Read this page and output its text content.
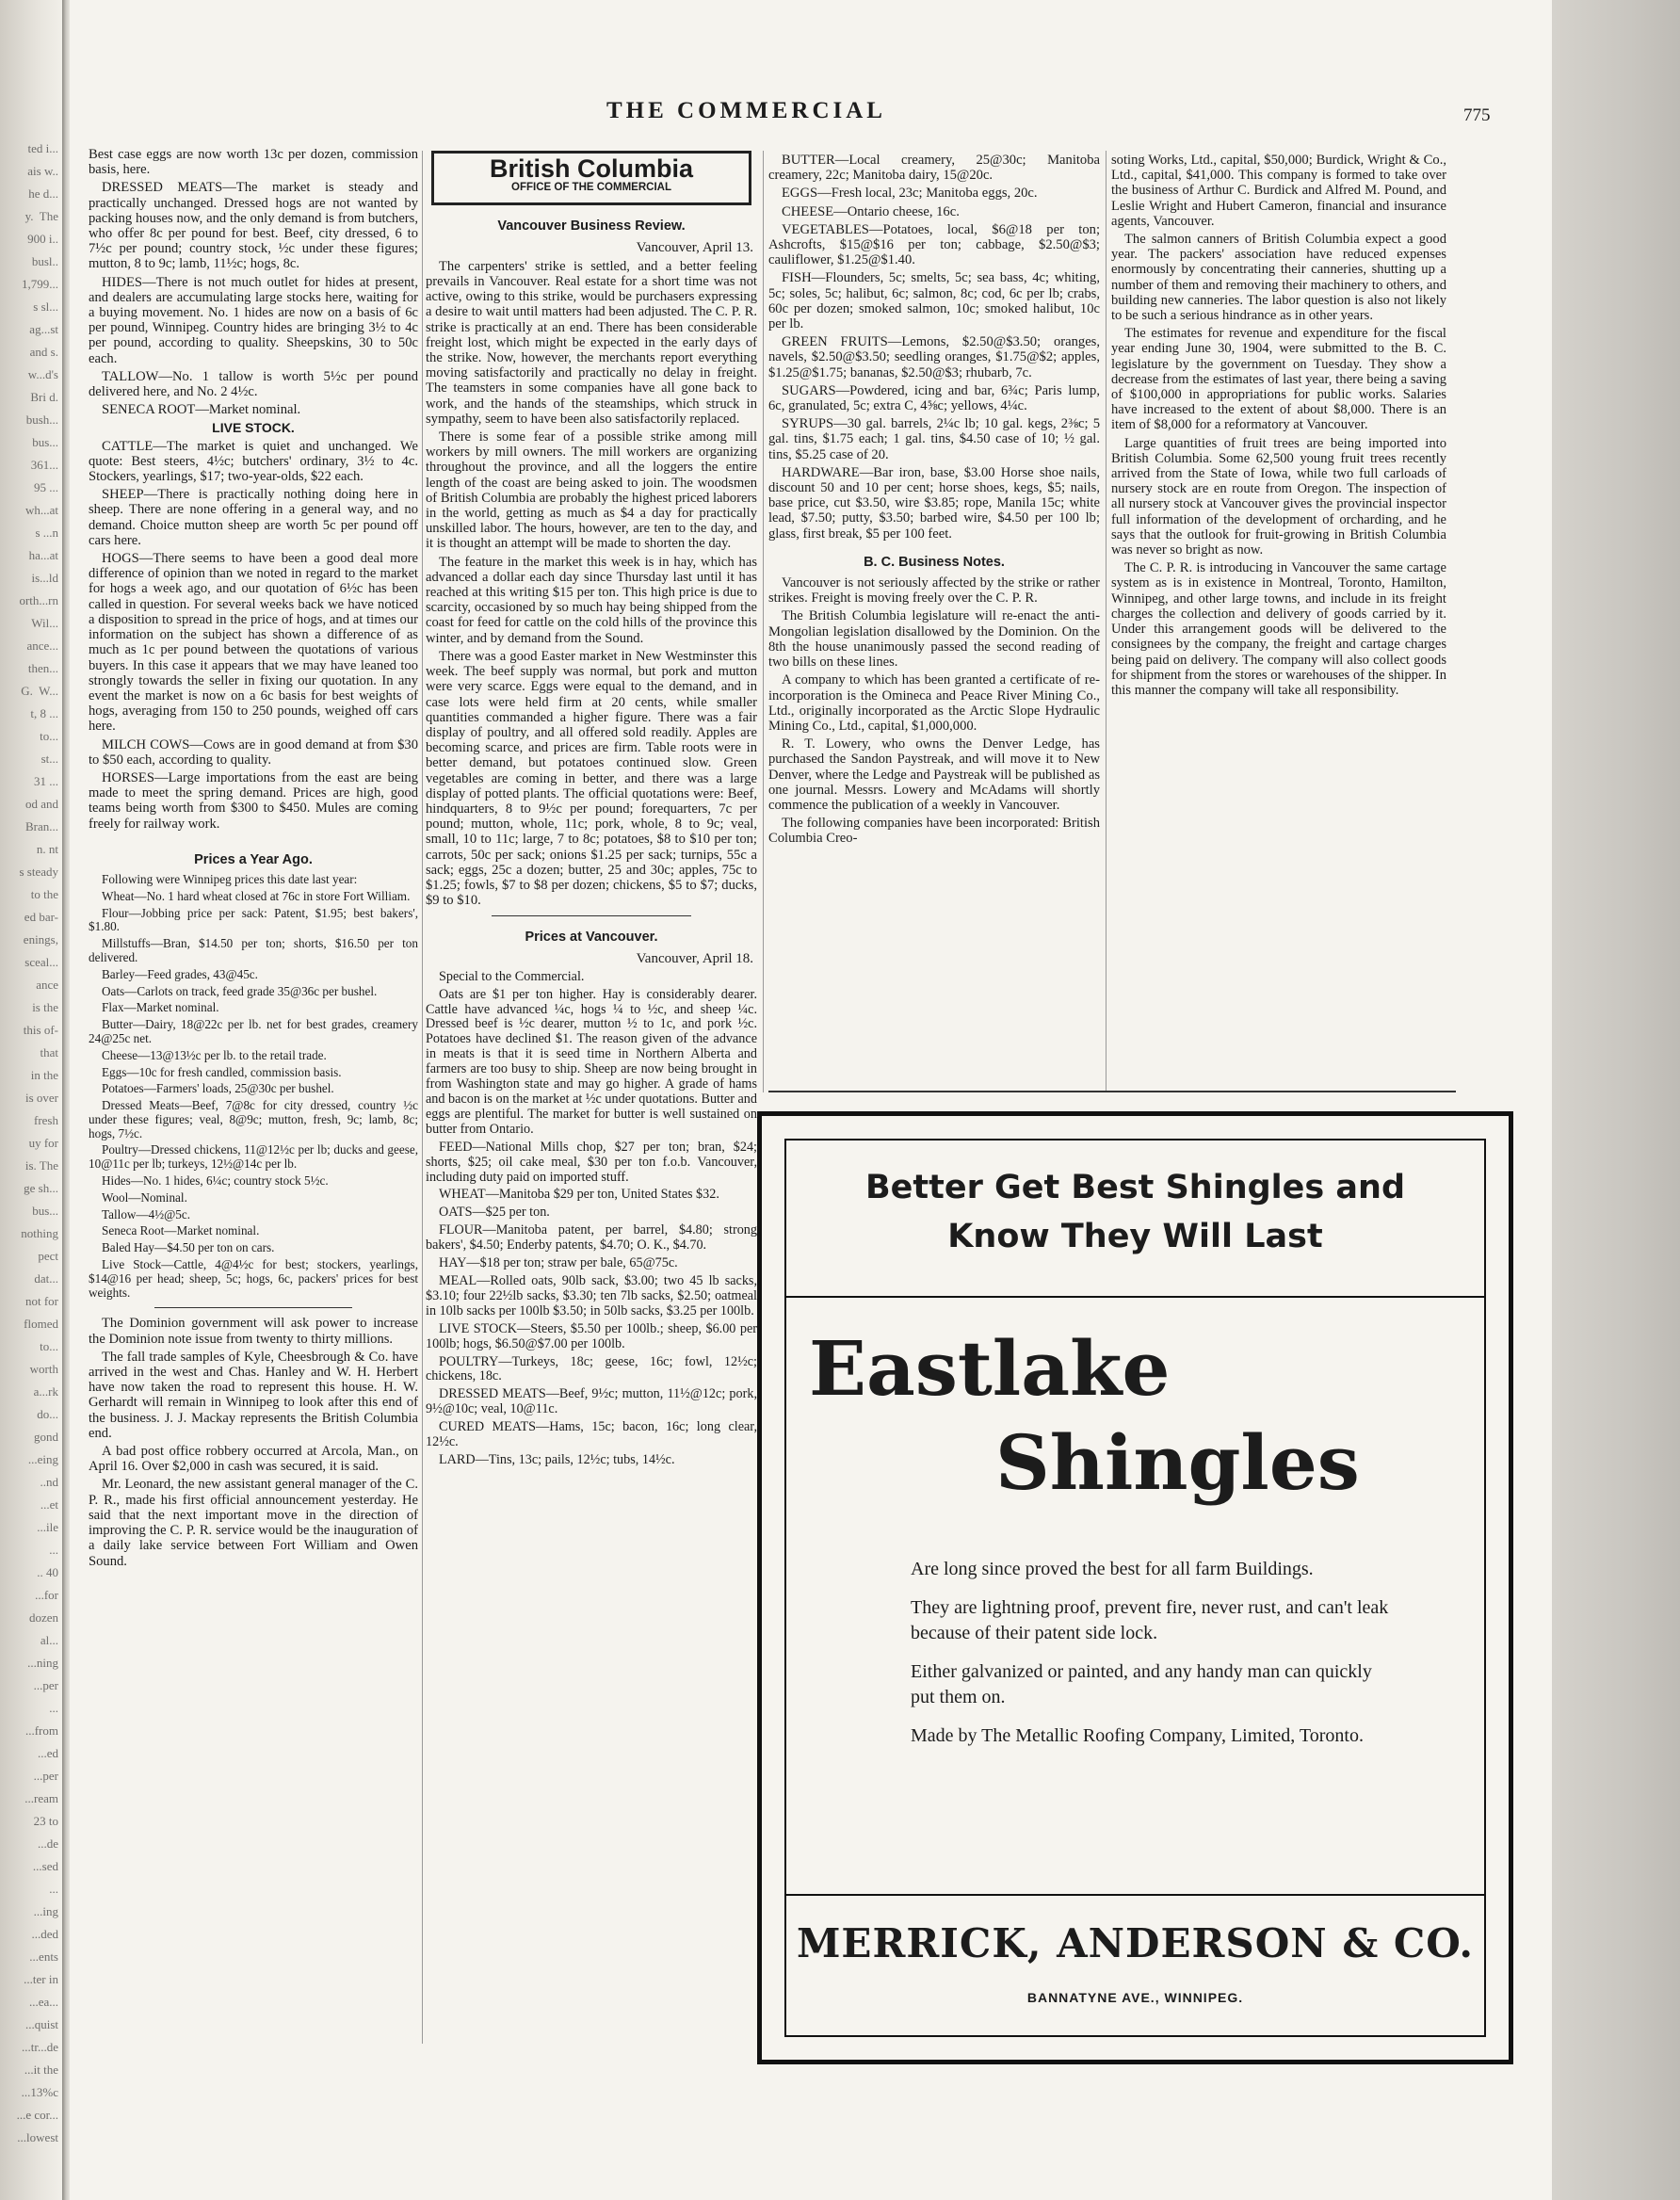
ted i...
ais w..
he d...
y.  The
900 i..
busl..
1,799...
s sl...
ag...st
and s.
w...d's
Bri d.
bush...
bus...
361...
95 ...
wh...at
s ...n
ha...at
is...ld
orth...rn
Wil...
ance...
then...
G.  W...
t, 8 ...
to...
st...
31 ...
od and
Bran...
n. nt
s steady
to the
ed bar-
enings,
sceal...
ance
is the
this of-
that
in the
is over
fresh
uy for
is. The
ge sh...
bus...
nothing
pect
dat...
not for
flomed
to...
worth
a...rk
do...
gond
...eing
..nd
...et
...ile
...
.. 40
...for
dozen
al...
...ning
...per
...
...from
...ed
...per
...ream
23 to
...de
...sed
...
...ing
...ded
...ents
...ter in
...ea...
...quist
...tr...de
...it the
...13%c
...e cor...
...lowest
THE COMMERCIAL	775

Best case eggs are now worth 13c per dozen, commission basis, here.

DRESSED MEATS—The market is steady and practically unchanged. Dressed hogs are not wanted by packing houses now, and the only demand is from butchers, who offer 8c per pound for best. Beef, city dressed, 6 to 7½c per pound; country stock, ½c under these figures; mutton, 8 to 9c; lamb, 11½c; hogs, 8c.

HIDES—There is not much outlet for hides at present, and dealers are accumulating large stocks here, waiting for a buying movement. No. 1 hides are now on a basis of 6c per pound, Winnipeg. Country hides are bringing 3½ to 4c per pound, according to quality. Sheepskins, 30 to 50c each.

TALLOW—No. 1 tallow is worth 5½c per pound delivered here, and No. 2 4½c.

SENECA ROOT—Market nominal.

LIVE STOCK.

CATTLE—The market is quiet and unchanged. We quote: Best steers, 4½c; butchers' ordinary, 3½ to 4c. Stockers, yearlings, $17; two-year-olds, $22 each.

SHEEP—There is practically nothing doing here in sheep. There are none offering in a general way, and no demand. Choice mutton sheep are worth 5c per pound off cars here.

HOGS—There seems to have been a good deal more difference of opinion than we noted in regard to the market for hogs a week ago, and our quotation of 6½c has been called in question. For several weeks back we have noticed a disposition to spread in the price of hogs, and at times our information on the subject has shown a difference of as much as 1c per pound between the quotations of various buyers. In this case it appears that we may have leaned too strongly towards the seller in fixing our quotation. In any event the market is now on a 6c basis for best weights of hogs, averaging from 150 to 250 pounds, weighed off cars here.

MILCH COWS—Cows are in good demand at from $30 to $50 each, according to quality.

HORSES—Large importations from the east are being made to meet the spring demand. Prices are high, good teams being worth from $300 to $450. Mules are coming freely for railway work.

Prices a Year Ago.

Following were Winnipeg prices this date last year:

Wheat—No. 1 hard wheat closed at 76c in store Fort William.

Flour—Jobbing price per sack: Patent, $1.95; best bakers', $1.80.

Millstuffs—Bran, $14.50 per ton; shorts, $16.50 per ton delivered.

Barley—Feed grades, 43@45c.

Oats—Carlots on track, feed grade 35@36c per bushel.

Flax—Market nominal.

Butter—Dairy, 18@22c per lb. net for best grades, creamery 24@25c net.

Cheese—13@13½c per lb. to the retail trade.

Eggs—10c for fresh candled, commission basis.

Potatoes—Farmers' loads, 25@30c per bushel.

Dressed Meats—Beef, 7@8c for city dressed, country ½c under these figures; veal, 8@9c; mutton, fresh, 9c; lamb, 8c; hogs, 7½c.

Poultry—Dressed chickens, 11@12½c per lb; ducks and geese, 10@11c per lb; turkeys, 12½@14c per lb.

Hides—No. 1 hides, 6¼c; country stock 5½c.

Wool—Nominal.

Tallow—4½@5c.

Seneca Root—Market nominal.

Baled Hay—$4.50 per ton on cars.

Live Stock—Cattle, 4@4½c for best; stockers, yearlings, $14@16 per head; sheep, 5c; hogs, 6c, packers' prices for best weights.

The Dominion government will ask power to increase the Dominion note issue from twenty to thirty millions.

The fall trade samples of Kyle, Cheesbrough & Co. have arrived in the west and Chas. Hanley and W. H. Herbert have now taken the road to represent this house. H. W. Gerhardt will remain in Winnipeg to look after this end of the business. J. J. Mackay represents the British Columbia end.

A bad post office robbery occurred at Arcola, Man., on April 16. Over $2,000 in cash was secured, it is said.

Mr. Leonard, the new assistant general manager of the C. P. R., made his first official announcement yesterday. He said that the next important move in the direction of improving the C. P. R. service would be the inauguration of a daily lake service between Fort William and Owen Sound.

British Columbia
OFFICE OF THE COMMERCIAL
Vancouver Business Review.
Vancouver, April 13.

The carpenters' strike is settled, and a better feeling prevails in Vancouver. Real estate for a short time was not active, owing to this strike, would be purchasers expressing a desire to wait until matters had been adjusted. The C. P. R. strike is practically at an end. There has been considerable freight lost, which might be expected in the early days of the strike. Now, however, the merchants report everything moving satisfactorily and practically no delay in freight. The teamsters in some companies have all gone back to work, and the hands of the steamships, which struck in sympathy, seem to have been also satisfactorily replaced.

There is some fear of a possible strike among mill workers by mill owners. The mill workers are organizing throughout the province, and all the loggers the entire length of the coast are being asked to join. The woodsmen of British Columbia are probably the highest priced laborers in the world, getting as much as $4 a day for practically unskilled labor. The hours, however, are ten to the day, and it is thought an attempt will be made to shorten the day.

The feature in the market this week is in hay, which has advanced a dollar each day since Thursday last until it has reached at this writing $15 per ton. This high price is due to scarcity, occasioned by so much hay being shipped from the coast for feed for cattle on the cold hills of the province this winter, and by demand from the Sound.

There was a good Easter market in New Westminster this week. The beef supply was normal, but pork and mutton were very scarce. Eggs were equal to the demand, and in case lots were held firm at 20 cents, while smaller quantities commanded a higher figure. There was a fair display of poultry, and all offered sold readily. Apples are becoming scarce, and prices are firm. Table roots were in better demand, but potatoes continued slow. Green vegetables are coming in better, and there was a large display of potted plants. The official quotations were: Beef, hindquarters, 8 to 9½c per pound; forequarters, 7c per pound; mutton, whole, 11c; pork, whole, 8 to 9c; veal, small, 10 to 11c; large, 7 to 8c; potatoes, $8 to $10 per ton; carrots, 50c per sack; onions $1.25 per sack; turnips, 55c a sack; eggs, 25c a dozen; butter, 25 and 30c; apples, 75c to $1.25; fowls, $7 to $8 per dozen; chickens, $5 to $7; ducks, $9 to $10.

Prices at Vancouver.
Vancouver, April 18.

Special to the Commercial.

Oats are $1 per ton higher. Hay is considerably dearer. Cattle have advanced ¼c, hogs ¼ to ½c, and sheep ¼c. Dressed beef is ½c dearer, mutton ½ to 1c, and pork ½c. Potatoes have declined $1. The reason given of the advance in meats is that it is seed time in Northern Alberta and farmers are too busy to ship. Sheep are now being brought in from Washington state and may go higher. A grade of hams and bacon is on the market at ½c under quotations. Butter and eggs are plentiful. The market for butter is well sustained on butter from Ontario.

FEED—National Mills chop, $27 per ton; bran, $24; shorts, $25; oil cake meal, $30 per ton f.o.b. Vancouver, including duty paid on imported stuff.

WHEAT—Manitoba $29 per ton, United States $32.

OATS—$25 per ton.

FLOUR—Manitoba patent, per barrel, $4.80; strong bakers', $4.50; Enderby patents, $4.70; O. K., $4.70.

HAY—$18 per ton; straw per bale, 65@75c.

MEAL—Rolled oats, 90lb sack, $3.00; two 45 lb sacks, $3.10; four 22½lb sacks, $3.30; ten 7lb sacks, $2.50; oatmeal in 10lb sacks per 100lb $3.50; in 50lb sacks, $3.25 per 100lb.

LIVE STOCK—Steers, $5.50 per 100lb.; sheep, $6.00 per 100lb; hogs, $6.50@$7.00 per 100lb.

POULTRY—Turkeys, 18c; geese, 16c; fowl, 12½c; chickens, 18c.

DRESSED MEATS—Beef, 9½c; mutton, 11½@12c; pork, 9½@10c; veal, 10@11c.

CURED MEATS—Hams, 15c; bacon, 16c; long clear, 12½c.

LARD—Tins, 13c; pails, 12½c; tubs, 14½c.

BUTTER—Local creamery, 25@30c; Manitoba creamery, 22c; Manitoba dairy, 15@20c.

EGGS—Fresh local, 23c; Manitoba eggs, 20c.

CHEESE—Ontario cheese, 16c.

VEGETABLES—Potatoes, local, $6@18 per ton; Ashcrofts, $15@$16 per ton; cabbage, $2.50@$3; cauliflower, $1.25@$1.40.

FISH—Flounders, 5c; smelts, 5c; sea bass, 4c; whiting, 5c; soles, 5c; halibut, 6c; salmon, 8c; cod, 6c per lb; crabs, 60c per dozen; smoked salmon, 10c; smoked halibut, 10c per lb.

GREEN FRUITS—Lemons, $2.50@$3.50; oranges, navels, $2.50@$3.50; seedling oranges, $1.75@$2; apples, $1.25@$1.75; bananas, $2.50@$3; rhubarb, 7c.

SUGARS—Powdered, icing and bar, 6¾c; Paris lump, 6c, granulated, 5c; extra C, 4⅝c; yellows, 4¼c.

SYRUPS—30 gal. barrels, 2¼c lb; 10 gal. kegs, 2⅜c; 5 gal. tins, $1.75 each; 1 gal. tins, $4.50 case of 10; ½ gal. tins, $5.25 case of 20.

HARDWARE—Bar iron, base, $3.00 Horse shoe nails, discount 50 and 10 per cent; horse shoes, kegs, $5; nails, base price, cut $3.50, wire $3.85; rope, Manila 15c; white lead, $7.50; putty, $3.50; barbed wire, $4.50 per 100 lb; glass, first break, $5 per 100 feet.

B. C. Business Notes.

Vancouver is not seriously affected by the strike or rather strikes. Freight is moving freely over the C. P. R.

The British Columbia legislature will re-enact the anti-Mongolian legislation disallowed by the Dominion. On the 8th the house unanimously passed the second reading of two bills on these lines.

A company to which has been granted a certificate of re-incorporation is the Omineca and Peace River Mining Co., Ltd., originally incorporated as the Arctic Slope Hydraulic Mining Co., Ltd., capital, $1,000,000.

R. T. Lowery, who owns the Denver Ledge, has purchased the Sandon Paystreak, and will move it to New Denver, where the Ledge and Paystreak will be published as one journal. Messrs. Lowery and McAdams will shortly commence the publication of a weekly in Vancouver.

The following companies have been incorporated: British Columbia Creo-

soting Works, Ltd., capital, $50,000; Burdick, Wright & Co., Ltd., capital, $41,000. This company is formed to take over the business of Arthur C. Burdick and Alfred M. Pound, and Leslie Wright and Hubert Cameron, financial and insurance agents, Vancouver.

The salmon canners of British Columbia expect a good year. The packers' association have reduced expenses enormously by concentrating their canneries, shutting up a number of them and removing their machinery to others, and building new canneries. The labor question is also not likely to be such a serious hindrance as in other years.

The estimates for revenue and expenditure for the fiscal year ending June 30, 1904, were submitted to the B. C. legislature by the government on Tuesday. They show a decrease from the estimates of last year, there being a saving of $100,000 in appropriations for public works. Salaries have increased to the extent of about $8,000. There is an item of $8,000 for a reformatory at Vancouver.

Large quantities of fruit trees are being imported into British Columbia. Some 62,500 young fruit trees recently arrived from the State of Iowa, while two full carloads of nursery stock are en route from Oregon. The inspection of all nursery stock at Vancouver gives the provincial inspector full information of the development of orcharding, and he says that the outlook for fruit-growing in British Columbia was never so bright as now.

The C. P. R. is introducing in Vancouver the same cartage system as is in existence in Montreal, Toronto, Hamilton, Winnipeg, and other large towns, and include in its freight charges the collection and delivery of goods carried by it. Under this arrangement goods will be delivered to the consignees by the company, the freight and cartage charges being paid on delivery. The company will also collect goods for shipment from the stores or warehouses of the shipper. In this manner the company will take all responsibility.

Better Get Best Shingles and
Know They Will Last
Eastlake
Shingles

Are long since proved the best for all farm Buildings.

They are lightning proof, prevent fire, never rust, and can't leak because of their patent side lock.

Either galvanized or painted, and any handy man can quickly put them on.

Made by The Metallic Roofing Company, Limited, Toronto.

MERRICK, ANDERSON & CO.
BANNATYNE AVE., WINNIPEG.
